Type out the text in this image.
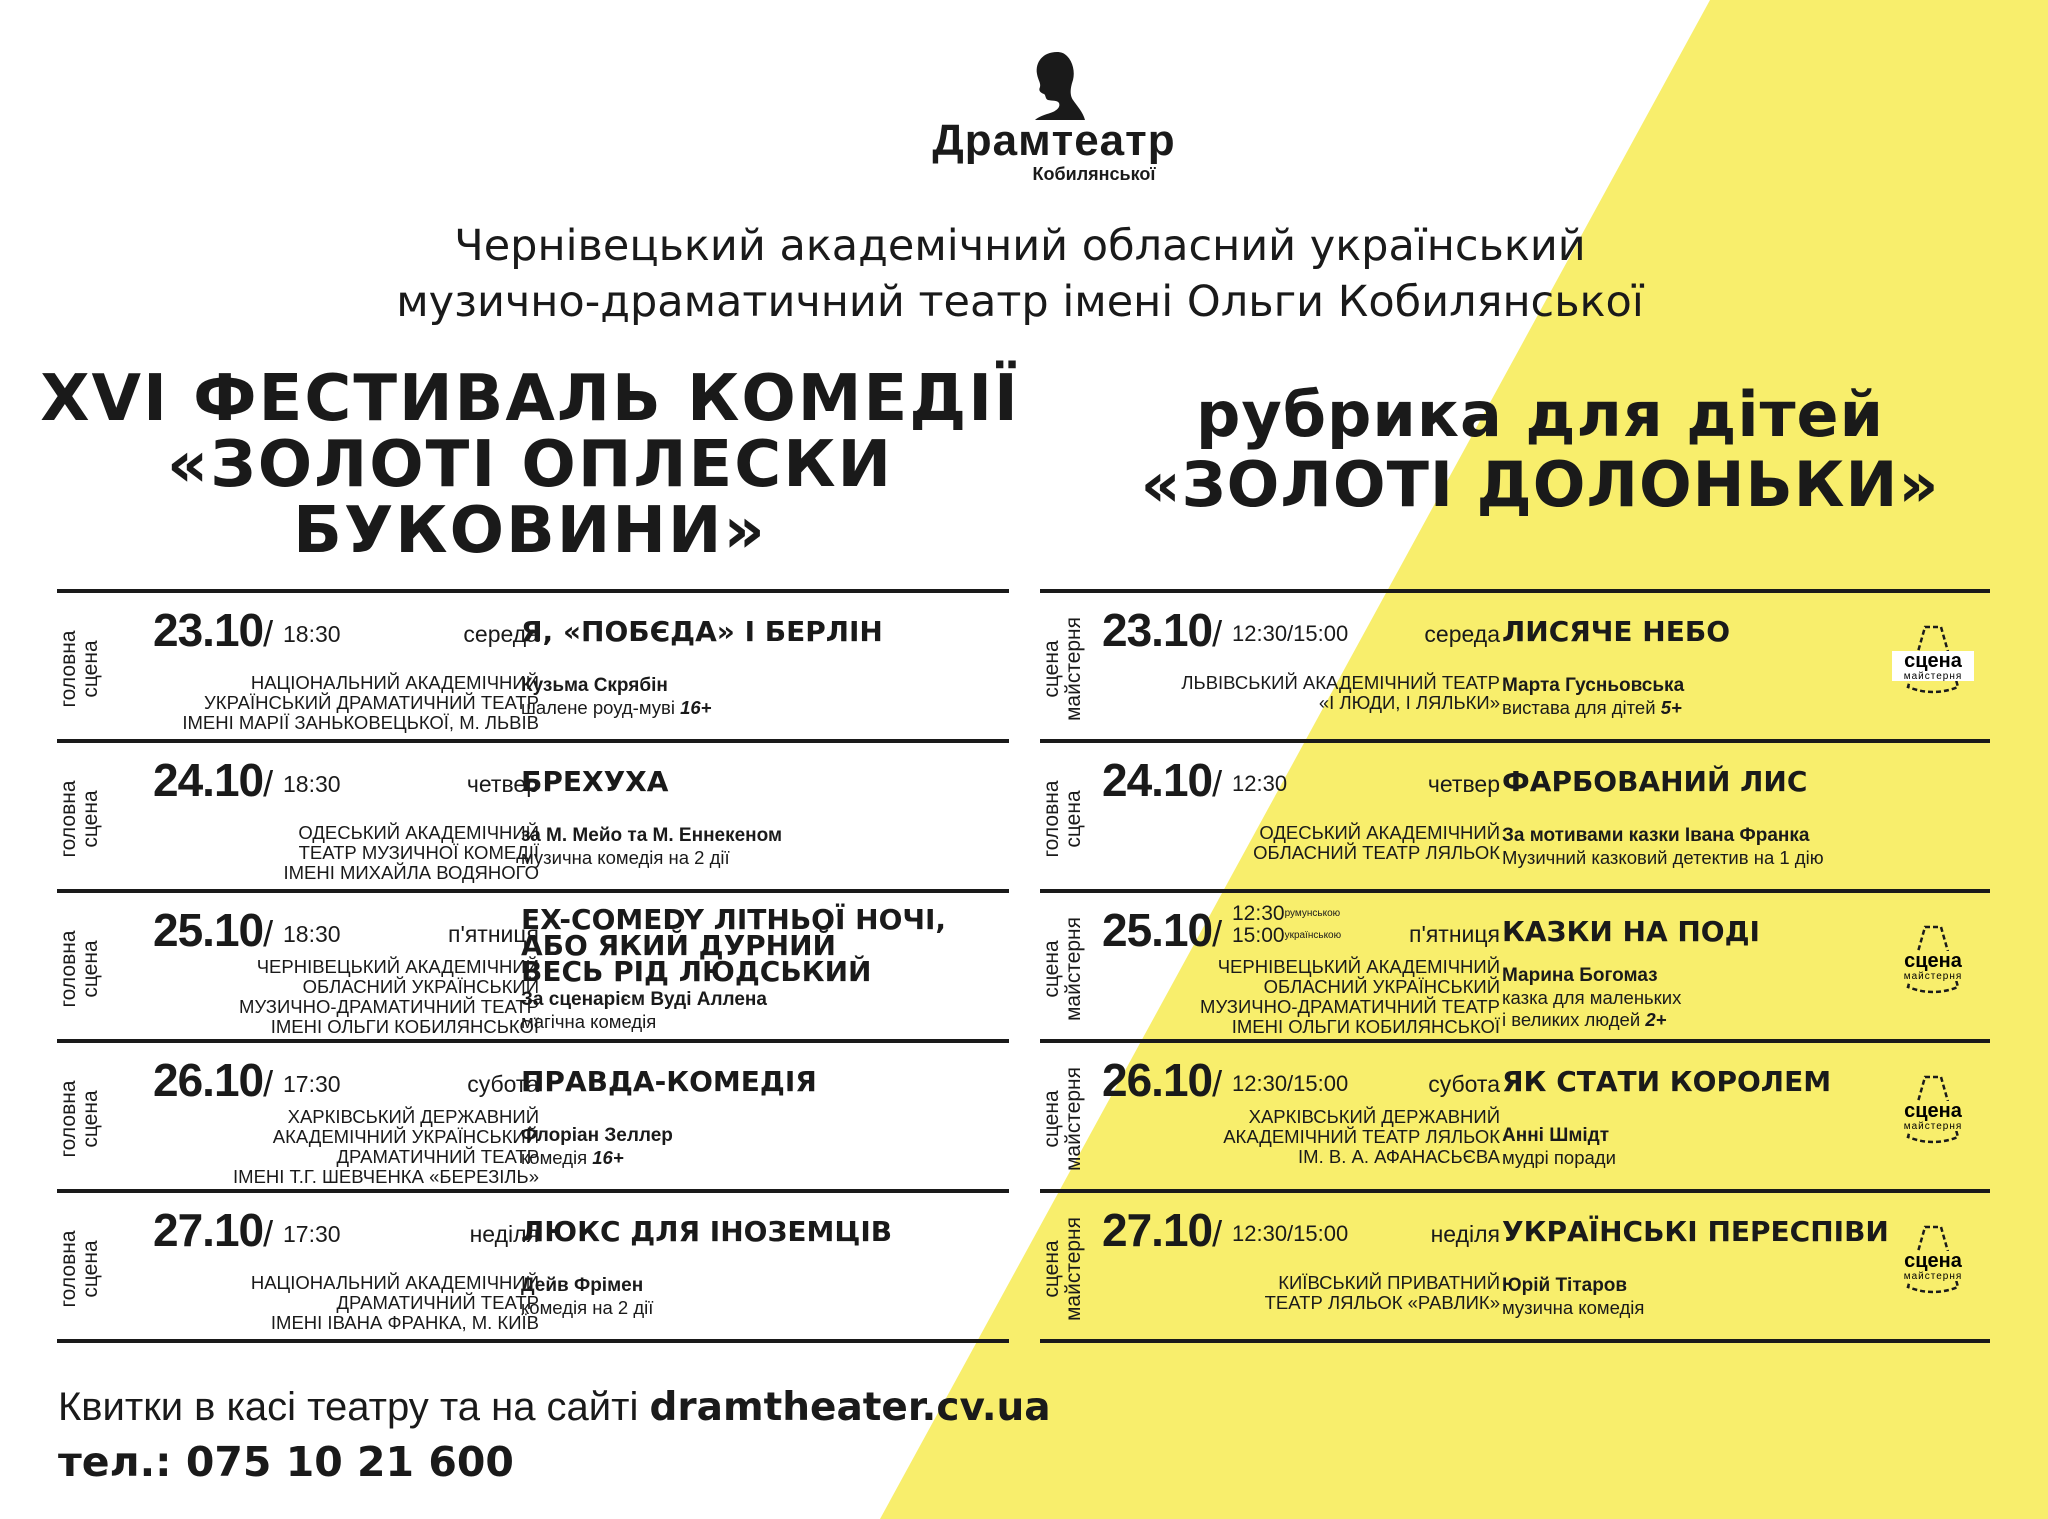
Драмтеатр
Кобилянської
Чернівецький академічний обласний український
музично-драматичний театр імені Ольги Кобилянської
XVI ФЕСТИВАЛЬ КОМЕДІЇ
«ЗОЛОТІ ОПЛЕСКИ
БУКОВИНИ»
рубрика для дітей
«ЗОЛОТІ ДОЛОНЬКИ»
головна
сцена
23.10/ 18:30	середа
НАЦІОНАЛЬНИЙ АКАДЕМІЧНИЙ
УКРАЇНСЬКИЙ ДРАМАТИЧНИЙ ТЕАТР
ІМЕНІ МАРІЇ ЗАНЬКОВЕЦЬКОЇ, М. ЛЬВІВ
Я, «ПОБЄДА» І БЕРЛІН
Кузьма Скрябін
шалене роуд-муві 16+
головна
сцена
24.10/ 18:30	четвер
ОДЕСЬКИЙ АКАДЕМІЧНИЙ
ТЕАТР МУЗИЧНОЇ КОМЕДІЇ
ІМЕНІ МИХАЙЛА ВОДЯНОГО
БРЕХУХА
за М. Мейо та М. Еннекеном
музична комедія на 2 дії
головна
сцена
25.10/ 18:30	п'ятниця
ЧЕРНІВЕЦЬКИЙ АКАДЕМІЧНИЙ
ОБЛАСНИЙ УКРАЇНСЬКИЙ
МУЗИЧНО-ДРАМАТИЧНИЙ ТЕАТР
ІМЕНІ ОЛЬГИ КОБИЛЯНСЬКОЇ
EX-COMEDY ЛІТНЬОЇ НОЧІ,
АБО ЯКИЙ ДУРНИЙ
ВЕСЬ РІД ЛЮДСЬКИЙ
За сценарієм Вуді Аллена
магічна комедія
головна
сцена
26.10/ 17:30	субота
ХАРКІВСЬКИЙ ДЕРЖАВНИЙ
АКАДЕМІЧНИЙ УКРАЇНСЬКИЙ
ДРАМАТИЧНИЙ ТЕАТР
ІМЕНІ Т.Г. ШЕВЧЕНКА «БЕРЕЗІЛЬ»
ПРАВДА-КОМЕДІЯ
Флоріан Зеллер
комедія 16+
головна
сцена
27.10/ 17:30	неділя
НАЦІОНАЛЬНИЙ АКАДЕМІЧНИЙ
ДРАМАТИЧНИЙ ТЕАТР
ІМЕНІ ІВАНА ФРАНКА, М. КИЇВ
ЛЮКС ДЛЯ ІНОЗЕМЦІВ
Дейв Фрімен
комедія на 2 дії
сцена
майстерня 23.10/ 12:30/15:00	середа
ЛЬВІВСЬКИЙ АКАДЕМІЧНИЙ ТЕАТР
«І ЛЮДИ, І ЛЯЛЬКИ»
ЛИСЯЧЕ НЕБО
Марта Гусньовська
вистава для дітей 5+
сцена
майстерня
головна
сцена
24.10/ 12:30	четвер
ОДЕСЬКИЙ АКАДЕМІЧНИЙ
ОБЛАСНИЙ ТЕАТР ЛЯЛЬОК
ФАРБОВАНИЙ ЛИС
За мотивами казки Івана Франка
Музичний казковий детектив на 1 дію
сцена
майстерня 25.10/ $12:30^{румунською}$
$15:00^{українською}$	п'ятниця
ЧЕРНІВЕЦЬКИЙ АКАДЕМІЧНИЙ
ОБЛАСНИЙ УКРАЇНСЬКИЙ
МУЗИЧНО-ДРАМАТИЧНИЙ ТЕАТР
ІМЕНІ ОЛЬГИ КОБИЛЯНСЬКОЇ
КАЗКИ НА ПОДІ
Марина Богомаз
казка для маленьких
і великих людей 2+
сцена
майстерня
сцена
майстерня 26.10/ 12:30/15:00	субота
ХАРКІВСЬКИЙ ДЕРЖАВНИЙ
АКАДЕМІЧНИЙ ТЕАТР ЛЯЛЬОК
ІМ. В. А. АФАНАСЬЄВА
ЯК СТАТИ КОРОЛЕМ
Анні Шмідт
мудрі поради
сцена
майстерня
сцена
майстерня 27.10/ 12:30/15:00	неділя
КИЇВСЬКИЙ ПРИВАТНИЙ
ТЕАТР ЛЯЛЬОК «РАВЛИК»
УКРАЇНСЬКІ ПЕРЕСПІВИ
Юрій Тітаров
музична комедія
сцена
майстерня
Квитки в касі театру та на сайті dramtheater.cv.ua
тел.: 075 10 21 600
